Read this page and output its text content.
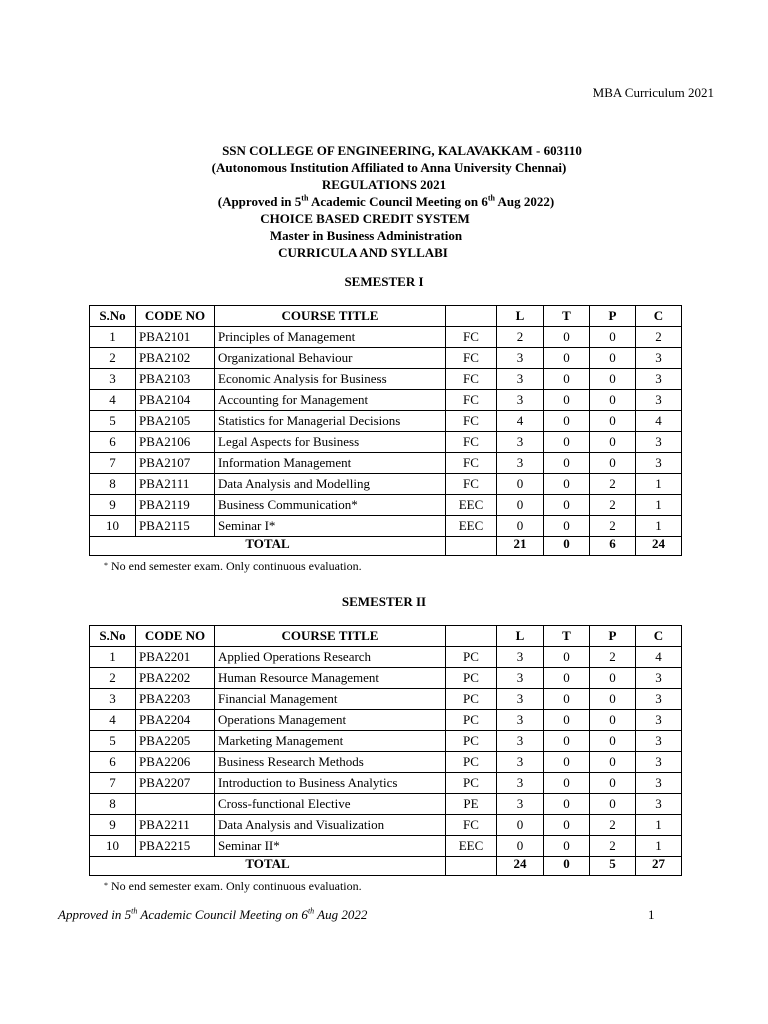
MBA Curriculum 2021
SSN COLLEGE OF ENGINEERING, KALAVAKKAM - 603110
(Autonomous Institution Affiliated to Anna University Chennai)
REGULATIONS 2021
(Approved in 5th Academic Council Meeting on 6th Aug 2022)
CHOICE BASED CREDIT SYSTEM
Master in Business Administration
CURRICULA AND SYLLABI
SEMESTER I
S.No	CODE NO	COURSE TITLE		L	T	P	C
1	PBA2101	Principles of Management	FC	2	0	0	2
2	PBA2102	Organizational Behaviour	FC	3	0	0	3
3	PBA2103	Economic Analysis for Business	FC	3	0	0	3
4	PBA2104	Accounting for Management	FC	3	0	0	3
5	PBA2105	Statistics for Managerial Decisions	FC	4	0	0	4
6	PBA2106	Legal Aspects for Business	FC	3	0	0	3
7	PBA2107	Information Management	FC	3	0	0	3
8	PBA2111	Data Analysis and Modelling	FC	0	0	2	1
9	PBA2119	Business Communication*	EEC	0	0	2	1
10	PBA2115	Seminar I*	EEC	0	0	2	1
TOTAL				21	0	6	24
* No end semester exam. Only continuous evaluation.
SEMESTER II
S.No	CODE NO	COURSE TITLE		L	T	P	C
1	PBA2201	Applied Operations Research	PC	3	0	2	4
2	PBA2202	Human Resource Management	PC	3	0	0	3
3	PBA2203	Financial Management	PC	3	0	0	3
4	PBA2204	Operations Management	PC	3	0	0	3
5	PBA2205	Marketing Management	PC	3	0	0	3
6	PBA2206	Business Research Methods	PC	3	0	0	3
7	PBA2207	Introduction to Business Analytics	PC	3	0	0	3
8		Cross-functional Elective	PE	3	0	0	3
9	PBA2211	Data Analysis and Visualization	FC	0	0	2	1
10	PBA2215	Seminar II*	EEC	0	0	2	1
TOTAL				24	0	5	27
* No end semester exam. Only continuous evaluation.
Approved in 5th Academic Council Meeting on 6th Aug 2022	1
